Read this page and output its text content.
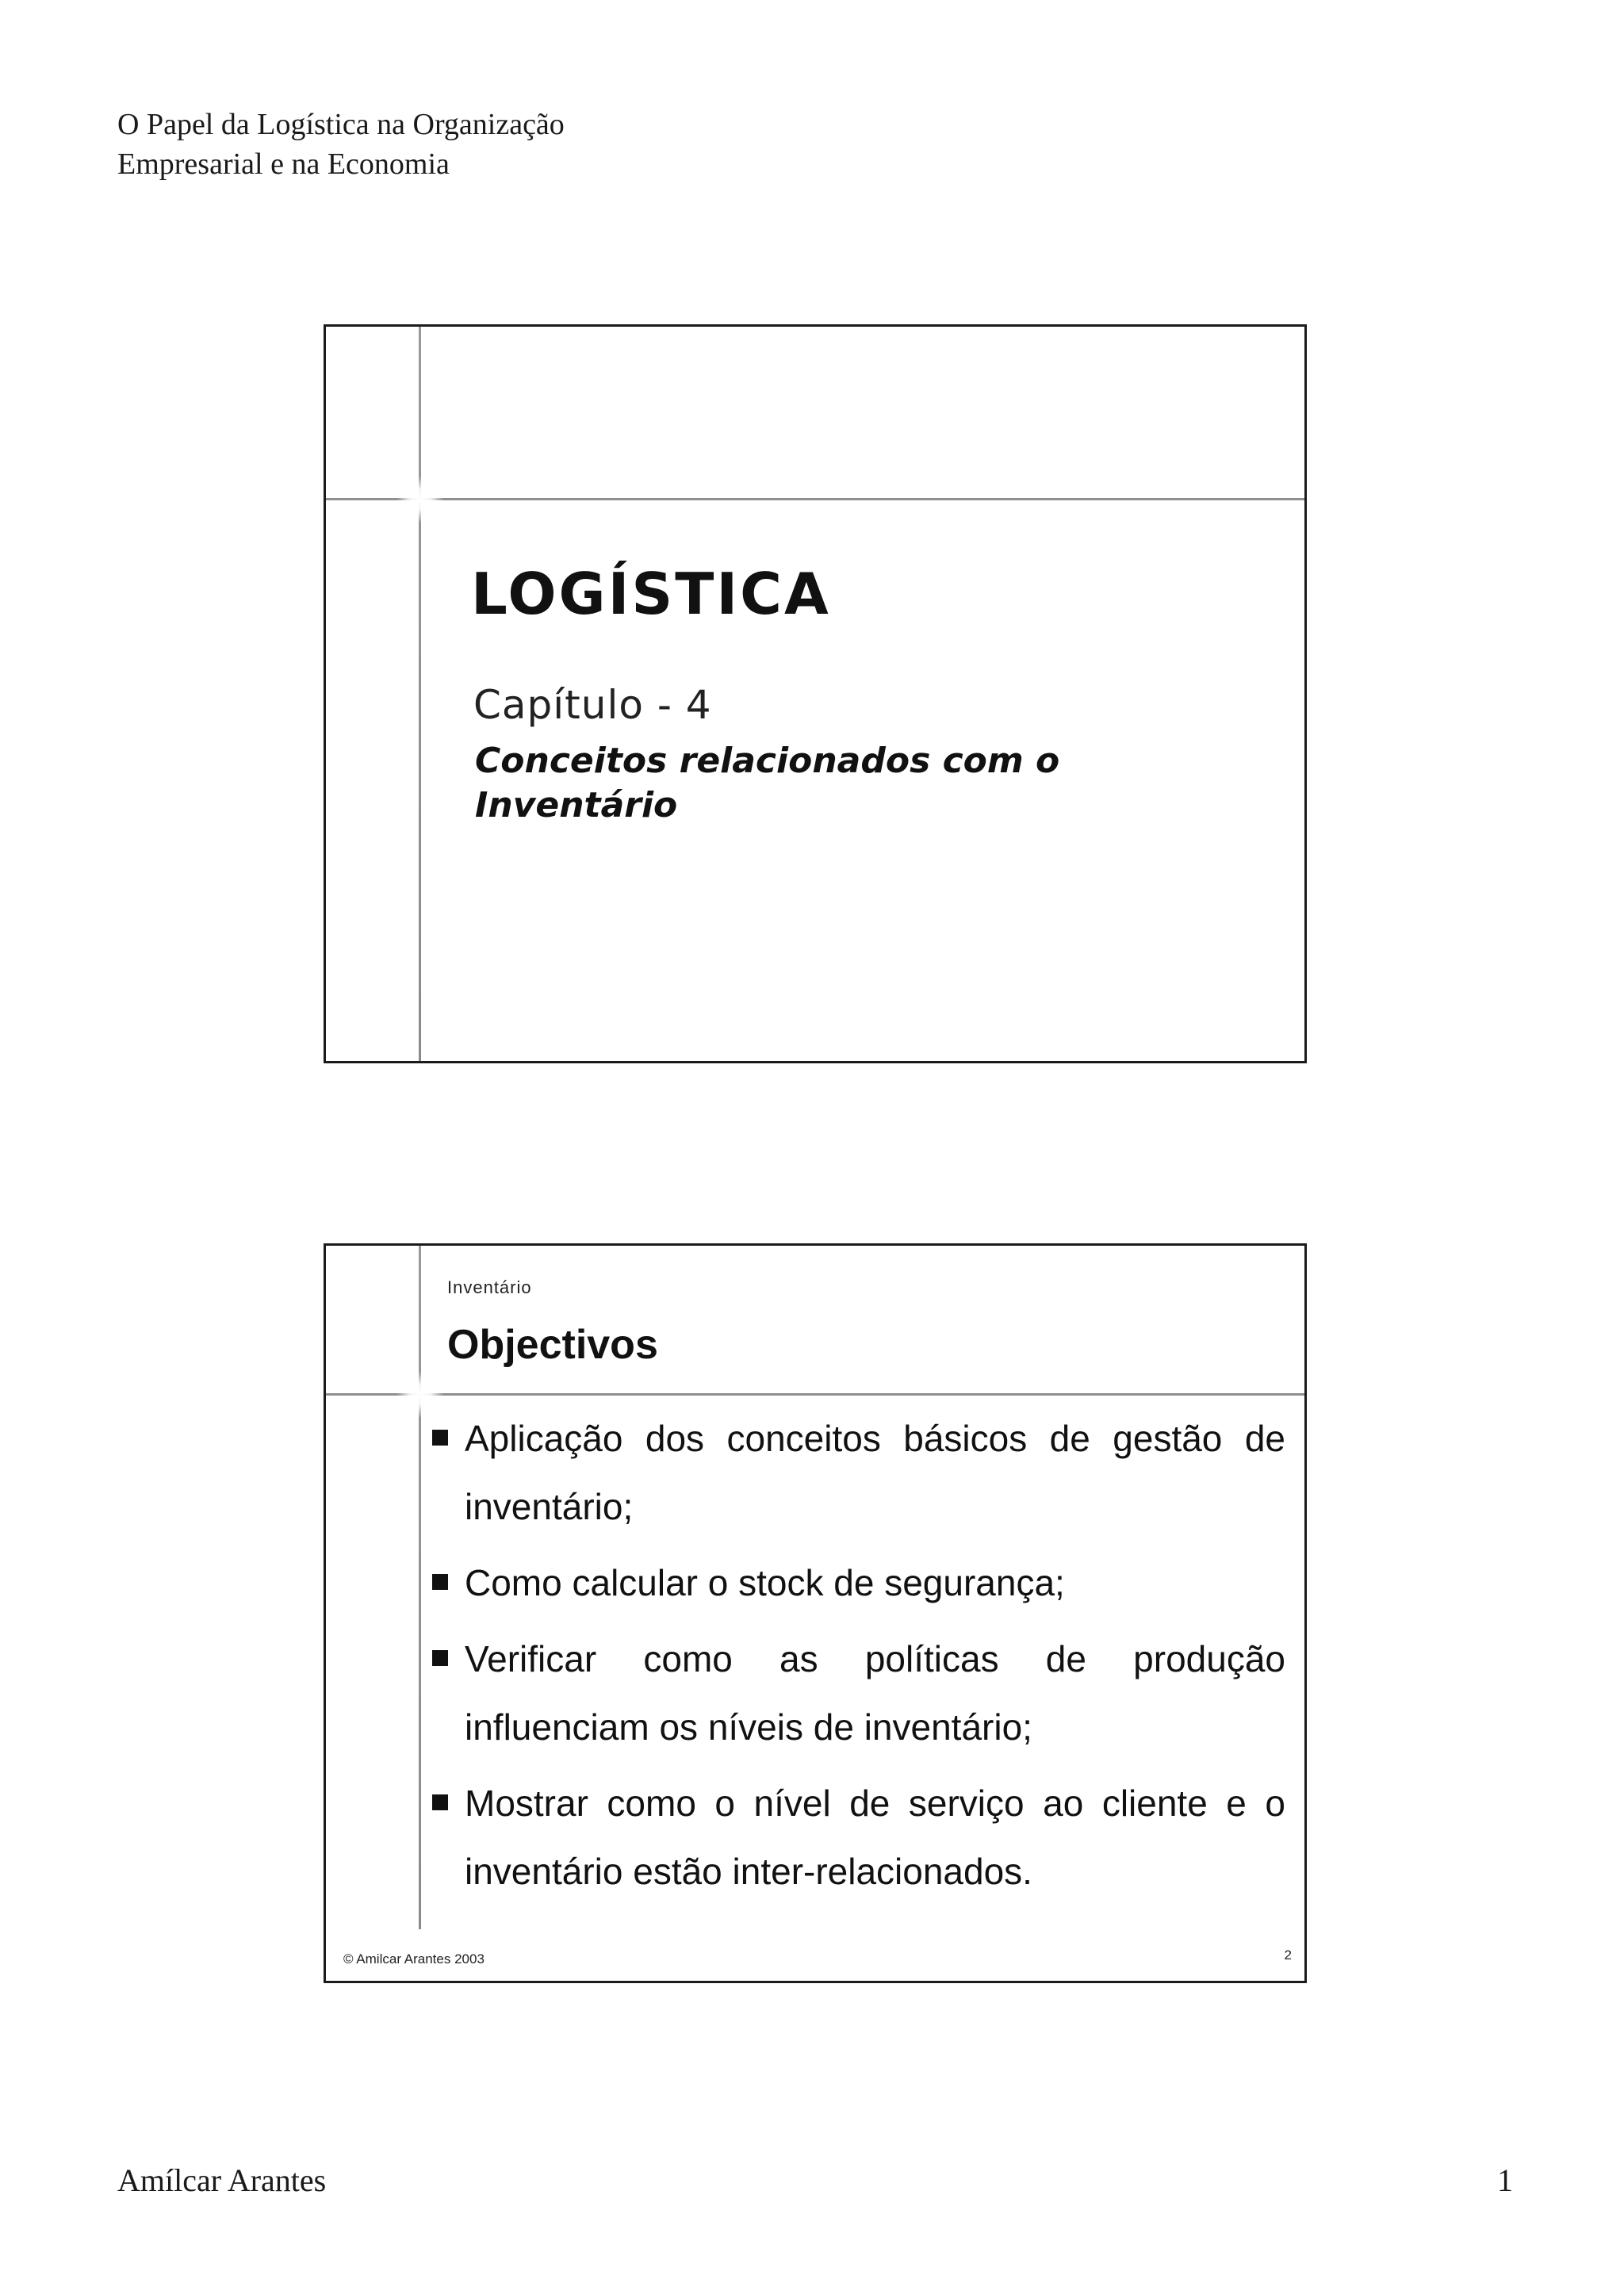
O Papel da Logística na Organização
Empresarial e na Economia
LOGÍSTICA
Capítulo - 4
Conceitos relacionados com o Inventário
Inventário
Objectivos
Aplicação dos conceitos básicos de gestão de inventário;
Como calcular o stock de segurança;
Verificar como as políticas de produção influenciam os níveis de inventário;
Mostrar como o nível de serviço ao cliente e o inventário estão inter-relacionados.
© Amilcar Arantes 2003	2
Amílcar Arantes	1
